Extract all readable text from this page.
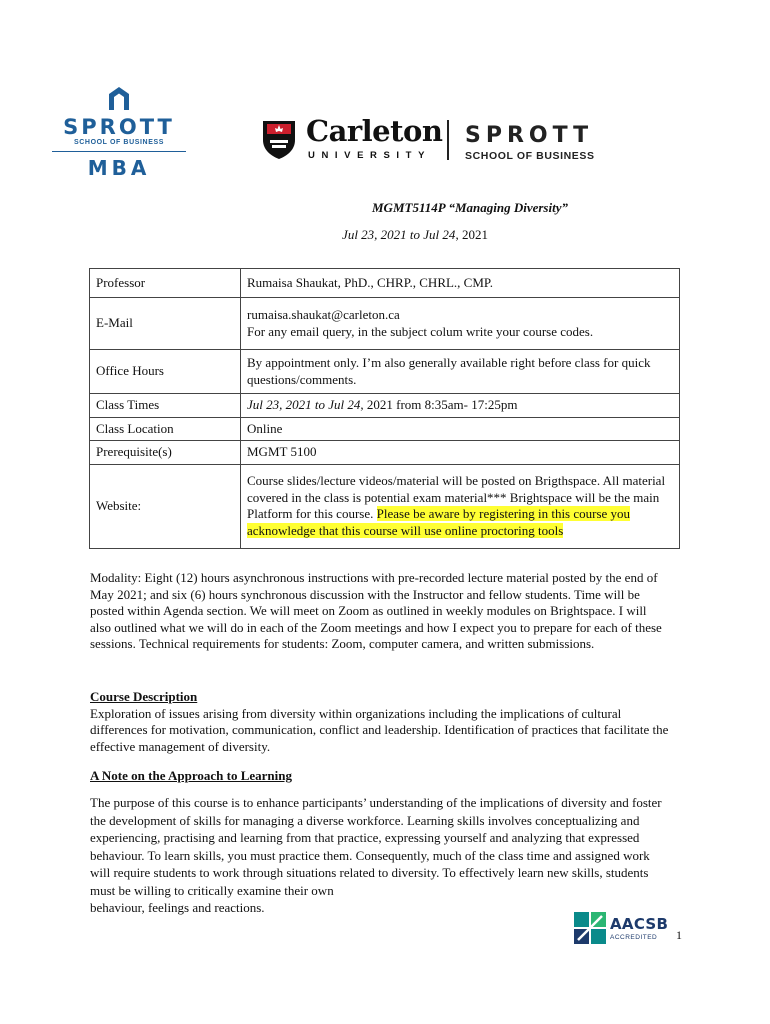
SPROTT
SCHOOL OF BUSINESS
MBA
Carleton
UNIVERSITY
SPROTT
SCHOOL OF BUSINESS
MGMT5114P “Managing Diversity”
Jul 23, 2021 to Jul 24, 2021
Professor	Rumaisa Shaukat, PhD., CHRP., CHRL., CMP.
E-Mail	rumaisa.shaukat@carleton.ca
For any email query, in the subject colum write your course codes.

Office Hours	By appointment only. I’m also generally available right before class for quick questions/comments.
Class Times	Jul 23, 2021 to Jul 24, 2021 from 8:35am- 17:25pm
Class Location	Online
Prerequisite(s)	MGMT 5100
Website:	Course slides/lecture videos/material will be posted on Brigthspace. All material covered in the class is potential exam material*** Brightspace will be the main Platform for this course. Please be aware by registering in this course you acknowledge that this course will use online proctoring tools
Modality: Eight (12) hours asynchronous instructions with pre-recorded lecture material posted by the end of May 2021; and six (6) hours synchronous discussion with the Instructor and fellow students. Time will be posted within Agenda section. We will meet on Zoom as outlined in weekly modules on Brightspace. I will also outlined what we will do in each of the Zoom meetings and how I expect you to prepare for each of these sessions. Technical requirements for students: Zoom, computer camera, and written submissions.
Course Description
Exploration of issues arising from diversity within organizations including the implications of cultural differences for motivation, communication, conflict and leadership. Identification of practices that facilitate the effective management of diversity.
A Note on the Approach to Learning
The purpose of this course is to enhance participants’ understanding of the implications of diversity and foster the development of skills for managing a diverse workforce. Learning skills involves conceptualizing and experiencing, practising and learning from that practice, expressing yourself and analyzing that expressed behaviour. To learn skills, you must practice them. Consequently, much of the class time and assigned work will require students to work through situations related to diversity. To effectively learn new skills, students must be willing to critically examine their own
behaviour, feelings and reactions.
AACSB
ACCREDITED 1
